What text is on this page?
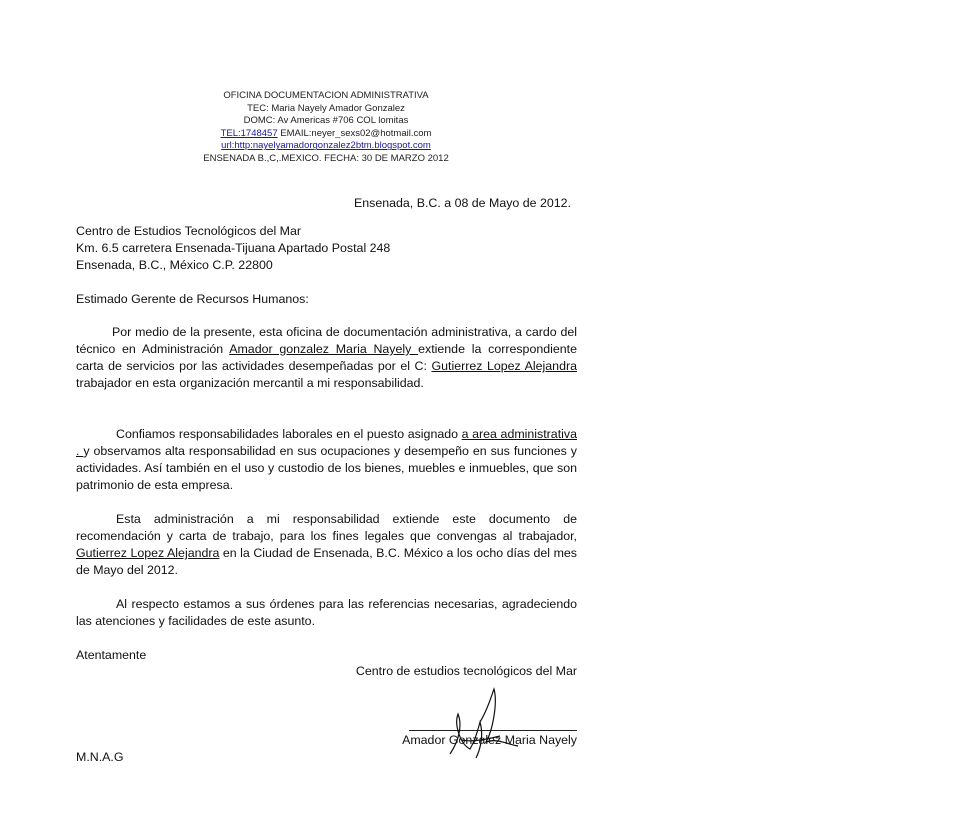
OFICINA DOCUMENTACION ADMINISTRATIVA
TEC: Maria Nayely Amador Gonzalez
DOMC: Av Americas #706 COL lomitas
TEL:1748457 EMAIL:neyer_sexs02@hotmail.com
url:http:nayelyamadorgonzalez2btm.blogspot.com
ENSENADA B.,C,.MEXICO. FECHA: 30 DE MARZO 2012
Ensenada, B.C. a 08 de Mayo de 2012.
Centro de Estudios Tecnológicos del Mar
Km. 6.5 carretera Ensenada-Tijuana Apartado Postal 248
Ensenada, B.C., México C.P. 22800
Estimado Gerente de Recursos Humanos:
Por medio de la presente, esta oficina de documentación administrativa, a cardo del técnico en Administración Amador gonzalez Maria Nayely extiende la correspondiente carta de servicios por las actividades desempeñadas por el C: Gutierrez Lopez Alejandra trabajador en esta organización mercantil a mi responsabilidad.
Confiamos responsabilidades laborales en el puesto asignado a area administrativa . y observamos alta responsabilidad en sus ocupaciones y desempeño en sus funciones y actividades. Así también en el uso y custodio de los bienes, muebles e inmuebles, que son patrimonio de esta empresa.
Esta administración a mi responsabilidad extiende este documento de recomendación y carta de trabajo, para los fines legales que convengas al trabajador, Gutierrez Lopez Alejandra en la Ciudad de Ensenada, B.C. México a los ocho días del mes de Mayo del 2012.
Al respecto estamos a sus órdenes para las referencias necesarias, agradeciendo las atenciones y facilidades de este asunto.
Atentamente
Centro de estudios tecnológicos del Mar
Amador Gonzalez Maria Nayely
M.N.A.G
